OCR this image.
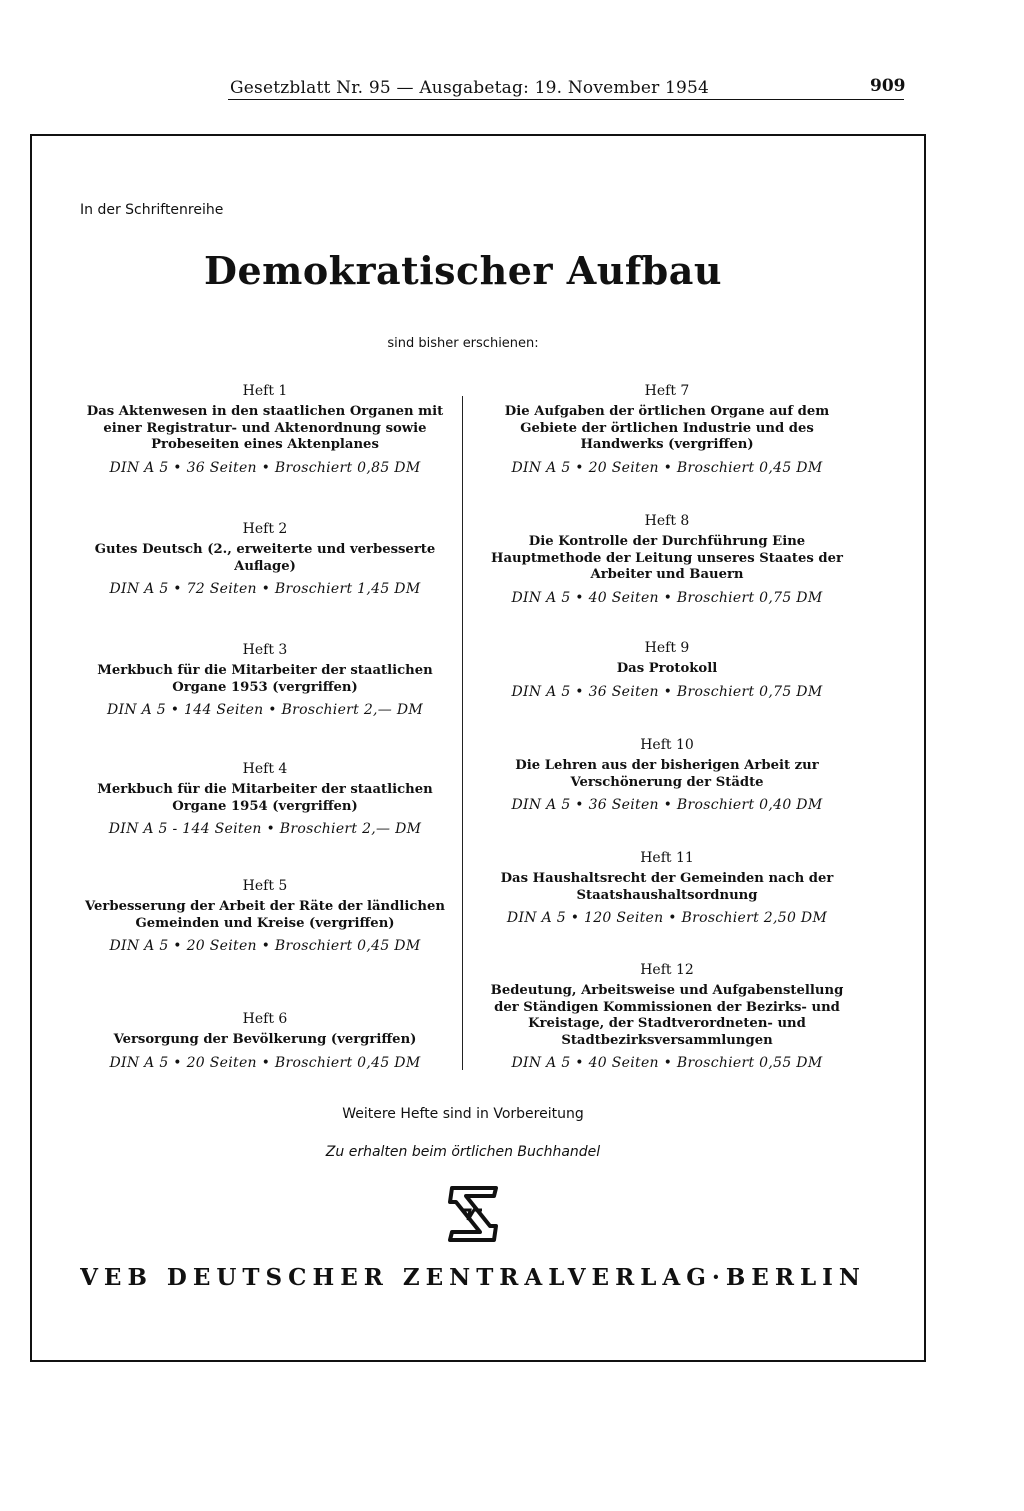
Gesetzblatt Nr. 95 — Ausgabetag: 19. November 1954	909
In der Schriftenreihe
Demokratischer Aufbau
sind bisher erschienen:
Heft 1
Das Aktenwesen in den staatlichen Organen mit einer Registratur- und Aktenordnung sowie Probeseiten eines Aktenplanes
DIN A 5 • 36 Seiten • Broschiert 0,85 DM
Heft 2
Gutes Deutsch (2., erweiterte und verbesserte Auflage)
DIN A 5 • 72 Seiten • Broschiert 1,45 DM
Heft 3
Merkbuch für die Mitarbeiter der staatlichen Organe 1953 (vergriffen)
DIN A 5 • 144 Seiten • Broschiert 2,— DM
Heft 4
Merkbuch für die Mitarbeiter der staatlichen Organe 1954 (vergriffen)
DIN A 5 - 144 Seiten • Broschiert 2,— DM
Heft 5
Verbesserung der Arbeit der Räte der ländlichen Gemeinden und Kreise (vergriffen)
DIN A 5 • 20 Seiten • Broschiert 0,45 DM
Heft 6
Versorgung der Bevölkerung (vergriffen)
DIN A 5 • 20 Seiten • Broschiert 0,45 DM
Heft 7
Die Aufgaben der örtlichen Organe auf dem Gebiete der örtlichen Industrie und des Handwerks (vergriffen)
DIN A 5 • 20 Seiten • Broschiert 0,45 DM
Heft 8
Die Kontrolle der Durchführung Eine Hauptmethode der Leitung unseres Staates der Arbeiter und Bauern
DIN A 5 • 40 Seiten • Broschiert 0,75 DM
Heft 9
Das Protokoll
DIN A 5 • 36 Seiten • Broschiert 0,75 DM
Heft 10
Die Lehren aus der bisherigen Arbeit zur Verschönerung der Städte
DIN A 5 • 36 Seiten • Broschiert 0,40 DM
Heft 11
Das Haushaltsrecht der Gemeinden nach der Staatshaushaltsordnung
DIN A 5 • 120 Seiten • Broschiert 2,50 DM
Heft 12
Bedeutung, Arbeitsweise und Aufgabenstellung der Ständigen Kommissionen der Bezirks- und Kreistage, der Stadtverordneten- und Stadtbezirksversammlungen
DIN A 5 • 40 Seiten • Broschiert 0,55 DM
Weitere Hefte sind in Vorbereitung
Zu erhalten beim örtlichen Buchhandel
VEB DEUTSCHER ZENTRALVERLAG·BERLIN
